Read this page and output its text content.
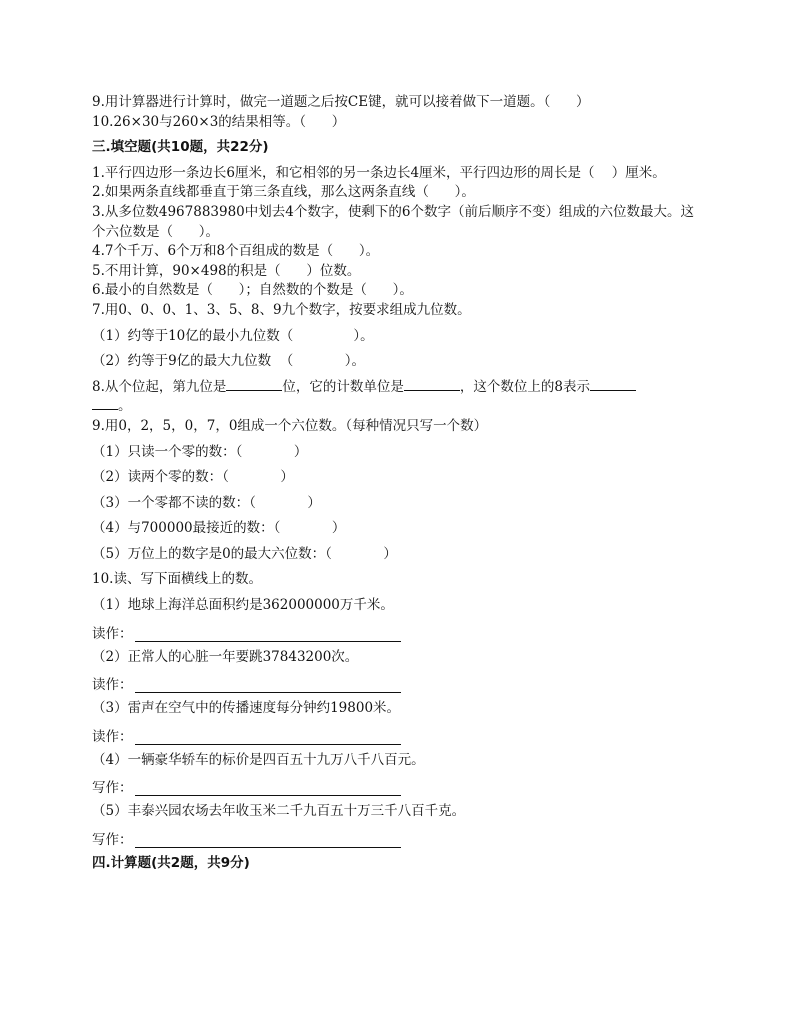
9.用计算器进行计算时，做完一道题之后按CE键，就可以接着做下一道题。（      ）

10.26×30与260×3的结果相等。（      ）

三.填空题(共10题，共22分)

1.平行四边形一条边长6厘米，和它相邻的另一条边长4厘米，平行四边形的周长是（    ）厘米。

2.如果两条直线都垂直于第三条直线，那么这两条直线（      ）。

3.从多位数4967883980中划去4个数字，使剩下的6个数字（前后顺序不变）组成的六位数最大。这个六位数是（      ）。

4.7个千万、6个万和8个百组成的数是（      ）。

5.不用计算，90×498的积是（      ）位数。

6.最小的自然数是（      ）；自然数的个数是（      ）。

7.用0、0、0、1、3、5、8、9九个数字，按要求组成九位数。

（1）约等于10亿的最小九位数（              ）。

（2）约等于9亿的最大九位数  （            ）。

8.从个位起，第九位是	位，它的计数单位是	，这个数位上的8表示
。

9.用0，2，5，0，7，0组成一个六位数。（每种情况只写一个数）

（1）只读一个零的数：（            ）

（2）读两个零的数：（            ）

（3）一个零都不读的数：（            ）

（4）与700000最接近的数：（            ）

（5）万位上的数字是0的最大六位数：（            ）

10.读、写下面横线上的数。

（1）地球上海洋总面积约是362000000万千米。

读作：

（2）正常人的心脏一年要跳37843200次。

读作：

（3）雷声在空气中的传播速度每分钟约19800米。

读作：

（4）一辆豪华轿车的标价是四百五十九万八千八百元。

写作：

（5）丰泰兴园农场去年收玉米二千九百五十万三千八百千克。

写作：

四.计算题(共2题，共9分)
